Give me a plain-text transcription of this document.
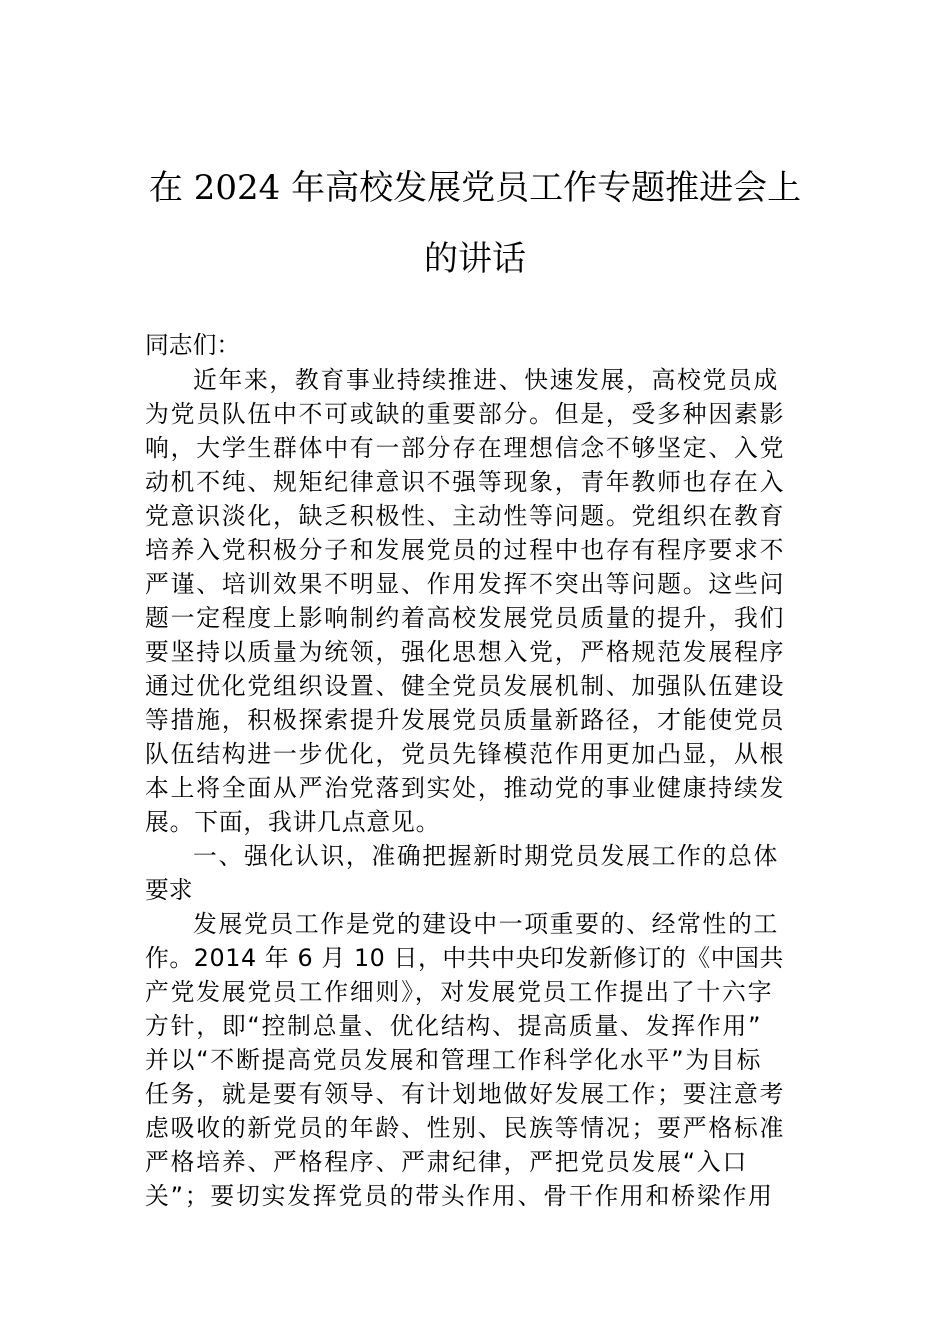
在 2024 年高校发展党员工作专题推进会上
的讲话
同志们：
近年来，教育事业持续推进、快速发展，高校党员成
为党员队伍中不可或缺的重要部分。但是，受多种因素影
响，大学生群体中有一部分存在理想信念不够坚定、入党
动机不纯、规矩纪律意识不强等现象，青年教师也存在入
党意识淡化，缺乏积极性、主动性等问题。党组织在教育
培养入党积极分子和发展党员的过程中也存有程序要求不
严谨、培训效果不明显、作用发挥不突出等问题。这些问
题一定程度上影响制约着高校发展党员质量的提升，我们
要坚持以质量为统领，强化思想入党，严格规范发展程序
通过优化党组织设置、健全党员发展机制、加强队伍建设
等措施，积极探索提升发展党员质量新路径，才能使党员
队伍结构进一步优化，党员先锋模范作用更加凸显，从根
本上将全面从严治党落到实处，推动党的事业健康持续发
展。下面，我讲几点意见。
一、强化认识，准确把握新时期党员发展工作的总体
要求
发展党员工作是党的建设中一项重要的、经常性的工
作。2014 年 6 月 10 日，中共中央印发新修订的《中国共
产党发展党员工作细则》，对发展党员工作提出了十六字
方针，即“控制总量、优化结构、提高质量、发挥作用”
并以“不断提高党员发展和管理工作科学化水平”为目标
任务，就是要有领导、有计划地做好发展工作；要注意考
虑吸收的新党员的年龄、性别、民族等情况；要严格标准
严格培养、严格程序、严肃纪律，严把党员发展“入口
关”；要切实发挥党员的带头作用、骨干作用和桥梁作用
